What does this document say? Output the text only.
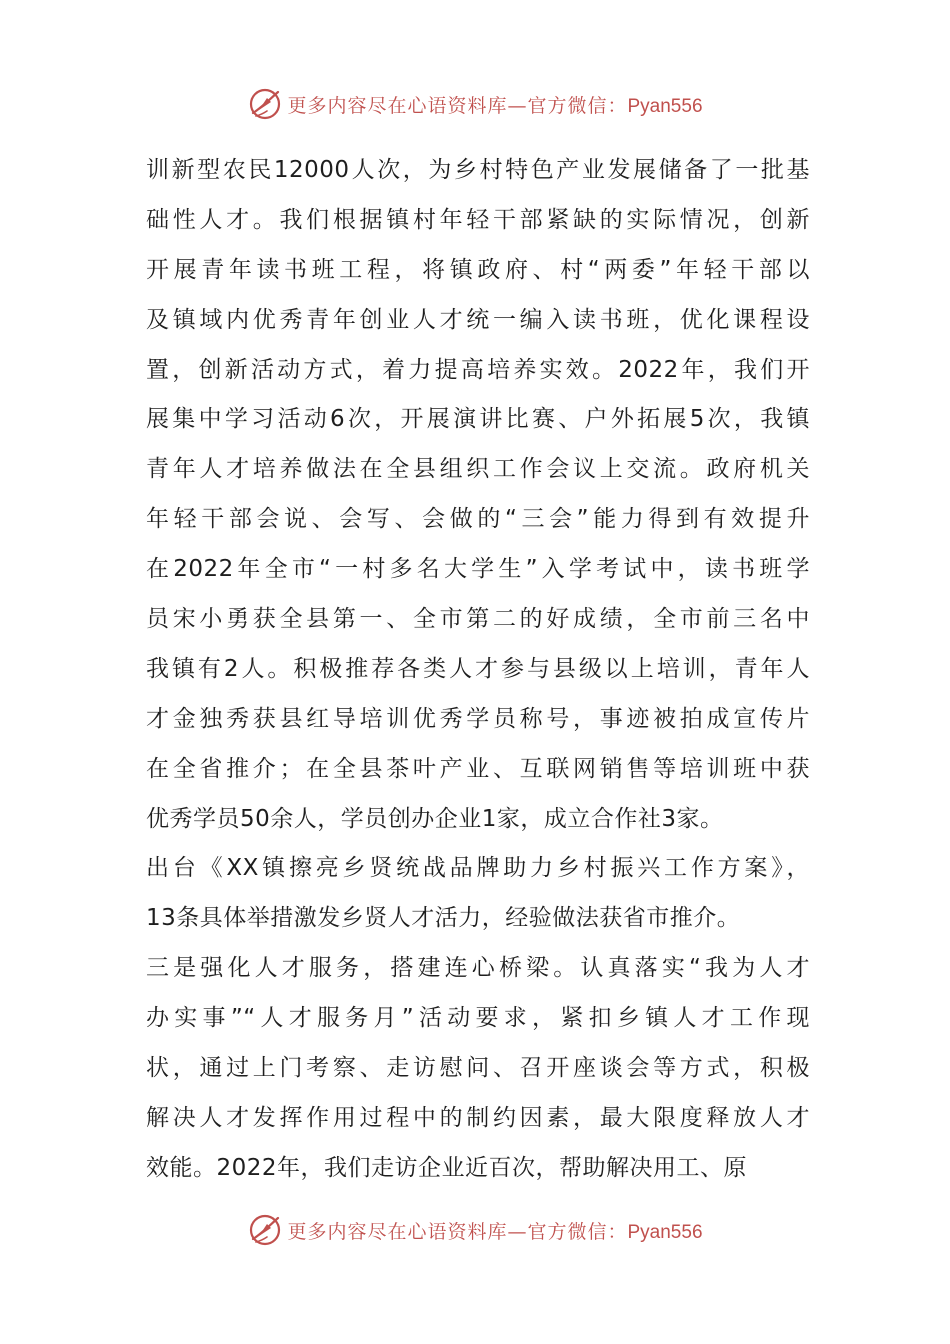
更多内容尽在心语资料库—官方微信：Pyan556
训新型农民12000人次，为乡村特色产业发展储备了一批基
础性人才。我们根据镇村年轻干部紧缺的实际情况，创新
开展青年读书班工程，将镇政府、村“两委”年轻干部以
及镇域内优秀青年创业人才统一编入读书班，优化课程设
置，创新活动方式，着力提高培养实效。2022年，我们开
展集中学习活动6次，开展演讲比赛、户外拓展5次，我镇
青年人才培养做法在全县组织工作会议上交流。政府机关
年轻干部会说、会写、会做的“三会”能力得到有效提升
在2022年全市“一村多名大学生”入学考试中，读书班学
员宋小勇获全县第一、全市第二的好成绩，全市前三名中
我镇有2人。积极推荐各类人才参与县级以上培训，青年人
才金独秀获县红导培训优秀学员称号，事迹被拍成宣传片
在全省推介；在全县茶叶产业、互联网销售等培训班中获
优秀学员50余人，学员创办企业1家，成立合作社3家。
出台《XX镇擦亮乡贤统战品牌助力乡村振兴工作方案》，
13条具体举措激发乡贤人才活力，经验做法获省市推介。
三是强化人才服务，搭建连心桥梁。认真落实“我为人才
办实事”“人才服务月”活动要求，紧扣乡镇人才工作现
状，通过上门考察、走访慰问、召开座谈会等方式，积极
解决人才发挥作用过程中的制约因素，最大限度释放人才
效能。2022年，我们走访企业近百次，帮助解决用工、原
更多内容尽在心语资料库—官方微信：Pyan556
